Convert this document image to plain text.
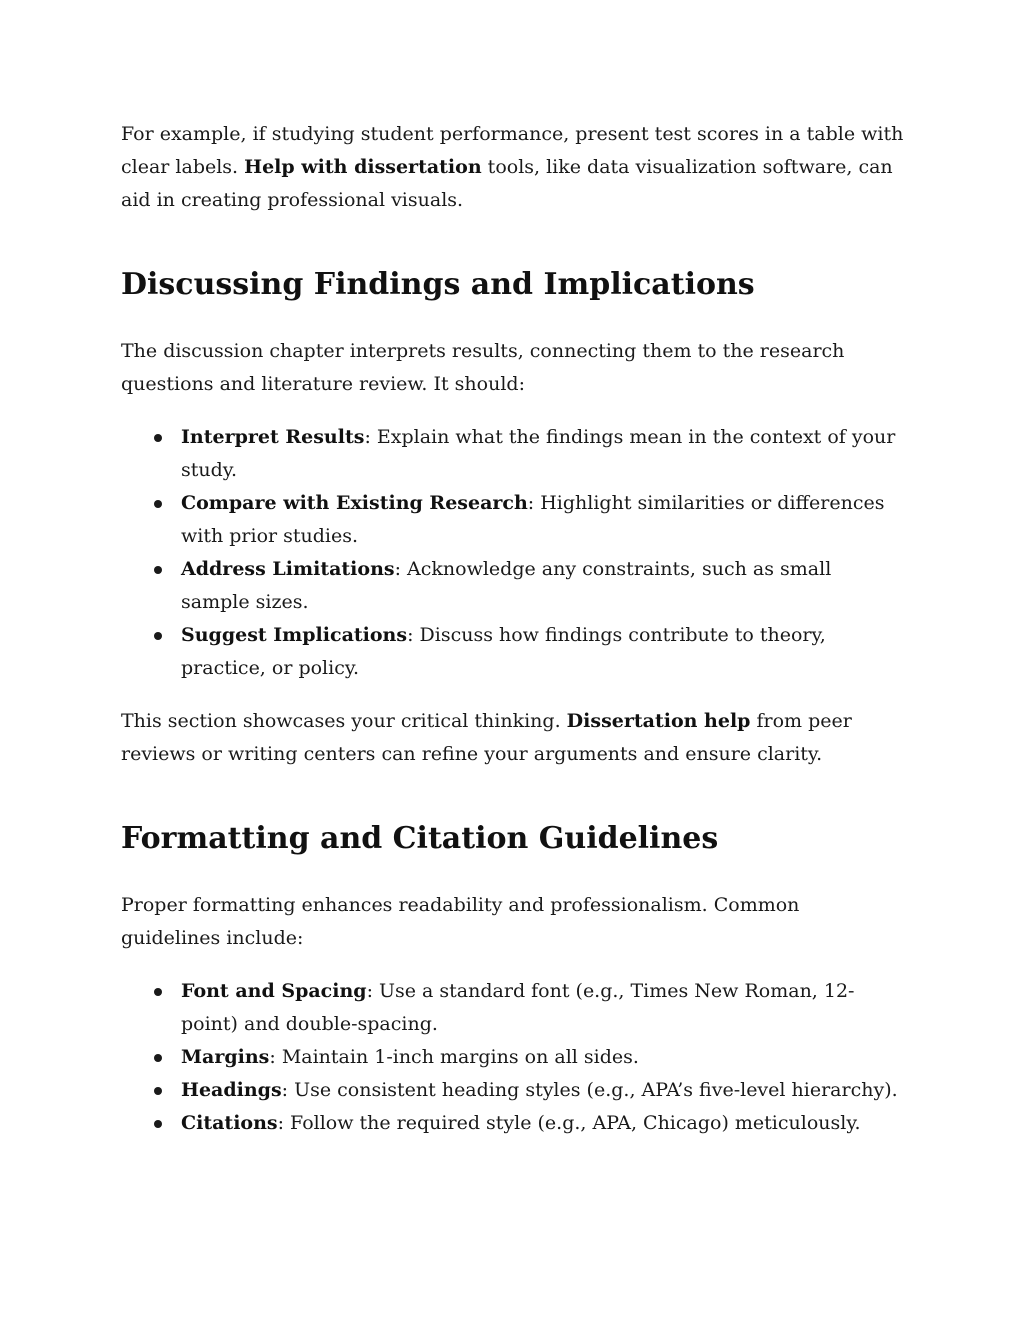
For example, if studying student performance, present test scores in a table with clear labels. Help with dissertation tools, like data visualization software, can aid in creating professional visuals.

Discussing Findings and Implications

The discussion chapter interprets results, connecting them to the research questions and literature review. It should:

Interpret Results: Explain what the findings mean in the context of your study.
Compare with Existing Research: Highlight similarities or differences with prior studies.
Address Limitations: Acknowledge any constraints, such as small sample sizes.
Suggest Implications: Discuss how findings contribute to theory, practice, or policy.

This section showcases your critical thinking. Dissertation help from peer reviews or writing centers can refine your arguments and ensure clarity.

Formatting and Citation Guidelines

Proper formatting enhances readability and professionalism. Common guidelines include:

Font and Spacing: Use a standard font (e.g., Times New Roman, 12-point) and double-spacing.
Margins: Maintain 1-inch margins on all sides.
Headings: Use consistent heading styles (e.g., APA’s five-level hierarchy).
Citations: Follow the required style (e.g., APA, Chicago) meticulously.
